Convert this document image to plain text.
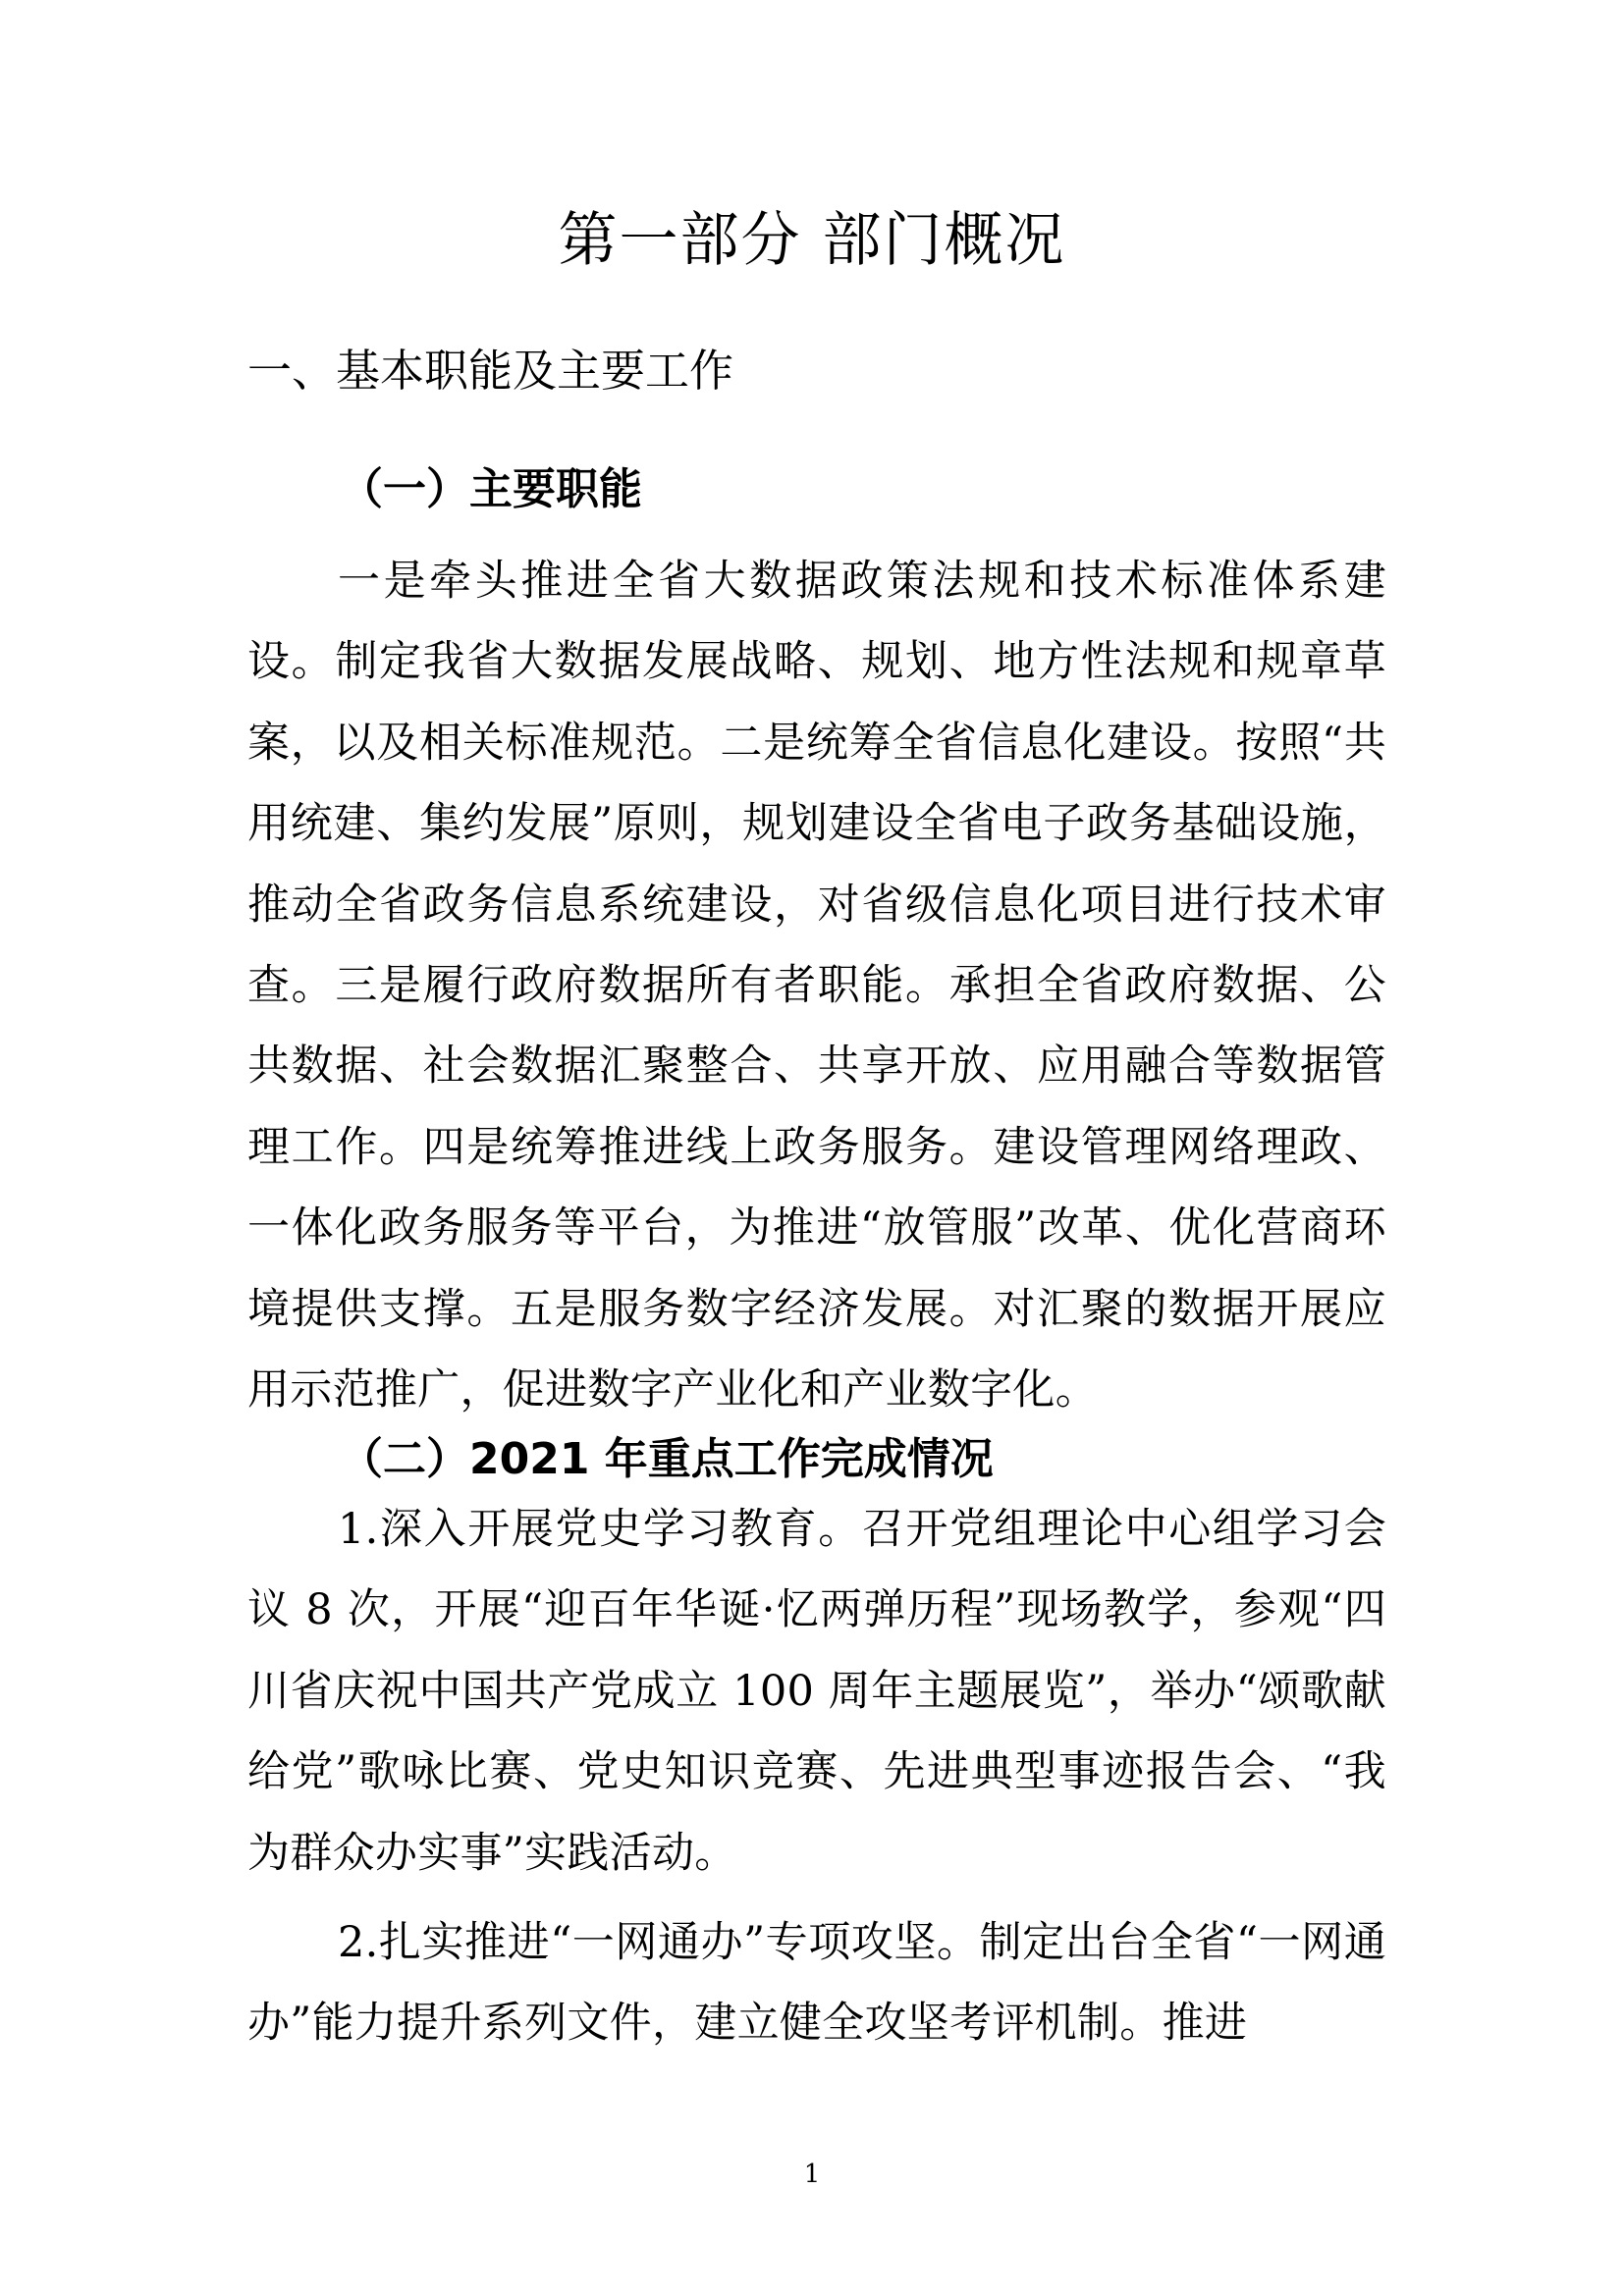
第一部分 部门概况
一、基本职能及主要工作
（一）主要职能

一是牵头推进全省大数据政策法规和技术标准体系建设。制定我省大数据发展战略、规划、地方性法规和规章草案，以及相关标准规范。二是统筹全省信息化建设。按照“共用统建、集约发展”原则，规划建设全省电子政务基础设施，推动全省政务信息系统建设，对省级信息化项目进行技术审查。三是履行政府数据所有者职能。承担全省政府数据、公共数据、社会数据汇聚整合、共享开放、应用融合等数据管理工作。四是统筹推进线上政务服务。建设管理网络理政、一体化政务服务等平台，为推进“放管服”改革、优化营商环境提供支撑。五是服务数字经济发展。对汇聚的数据开展应用示范推广，促进数字产业化和产业数字化。

（二）2021 年重点工作完成情况

1.深入开展党史学习教育。召开党组理论中心组学习会议 8 次，开展“迎百年华诞·忆两弹历程”现场教学，参观“四川省庆祝中国共产党成立 100 周年主题展览”，举办“颂歌献给党”歌咏比赛、党史知识竞赛、先进典型事迹报告会、“我为群众办实事”实践活动。

2.扎实推进“一网通办”专项攻坚。制定出台全省“一网通办”能力提升系列文件，建立健全攻坚考评机制。推进

1
